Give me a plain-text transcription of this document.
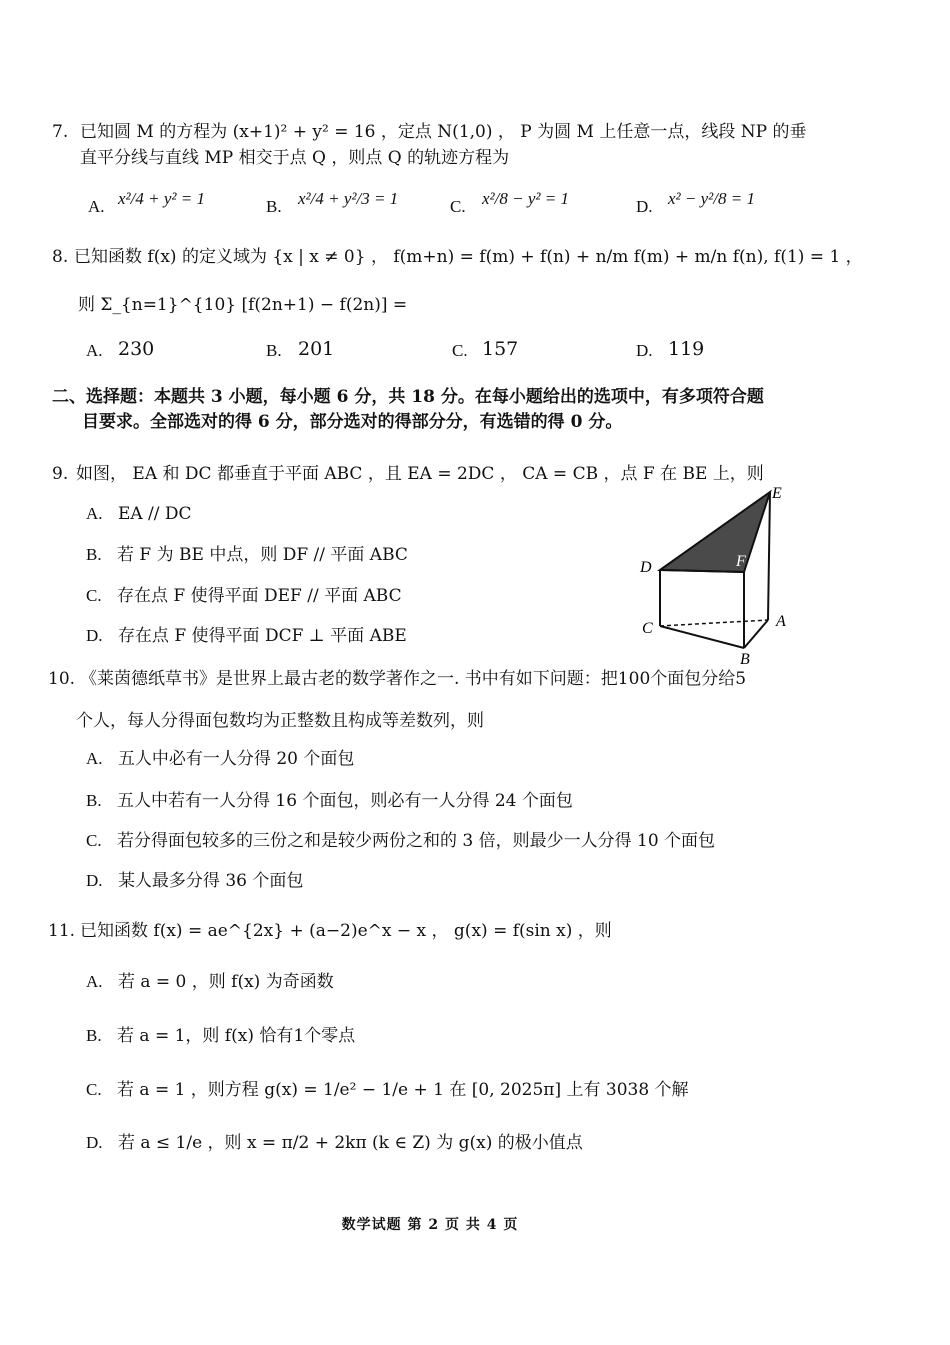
7. 已知圆 M 的方程为 (x+1)² + y² = 16 ，定点 N(1,0) ， P 为圆 M 上任意一点，线段 NP 的垂
直平分线与直线 MP 相交于点 Q ，则点 Q 的轨迹方程为
A. x²/4 + y² = 1	B. x²/4 + y²/3 = 1	C. x²/8 − y² = 1	D. x² − y²/8 = 1
8. 已知函数 f(x) 的定义域为 {x | x ≠ 0} ， f(m+n) = f(m) + f(n) + n/m f(m) + m/n f(n), f(1) = 1 ，
则 Σ_{n=1}^{10} [f(2n+1) − f(2n)] =
A. 230	B. 201	C. 157	D. 119
二、选择题：本题共 3 小题，每小题 6 分，共 18 分。在每小题给出的选项中，有多项符合题
目要求。全部选对的得 6 分，部分选对的得部分分，有选错的得 0 分。
9. 如图， EA 和 DC 都垂直于平面 ABC ，且 EA = 2DC ， CA = CB ，点 F 在 BE 上，则
A. EA // DC
B. 若 F 为 BE 中点，则 DF // 平面 ABC
C. 存在点 F 使得平面 DEF // 平面 ABC
D. 存在点 F 使得平面 DCF ⊥ 平面 ABE
E
D	F
C	A
B
10. 《莱茵德纸草书》是世界上最古老的数学著作之一. 书中有如下问题：把100个面包分给5
个人，每人分得面包数均为正整数且构成等差数列，则
A. 五人中必有一人分得 20 个面包
B. 五人中若有一人分得 16 个面包，则必有一人分得 24 个面包
C. 若分得面包较多的三份之和是较少两份之和的 3 倍，则最少一人分得 10 个面包
D. 某人最多分得 36 个面包
11. 已知函数 f(x) = ae^{2x} + (a−2)e^x − x ， g(x) = f(sin x) ，则
A. 若 a = 0 ，则 f(x) 为奇函数
B. 若 a = 1，则 f(x) 恰有1个零点
C. 若 a = 1 ，则方程 g(x) = 1/e² − 1/e + 1 在 [0, 2025π] 上有 3038 个解
D. 若 a ≤ 1/e ，则 x = π/2 + 2kπ (k ∈ Z) 为 g(x) 的极小值点
数学试题 第 2 页 共 4 页
